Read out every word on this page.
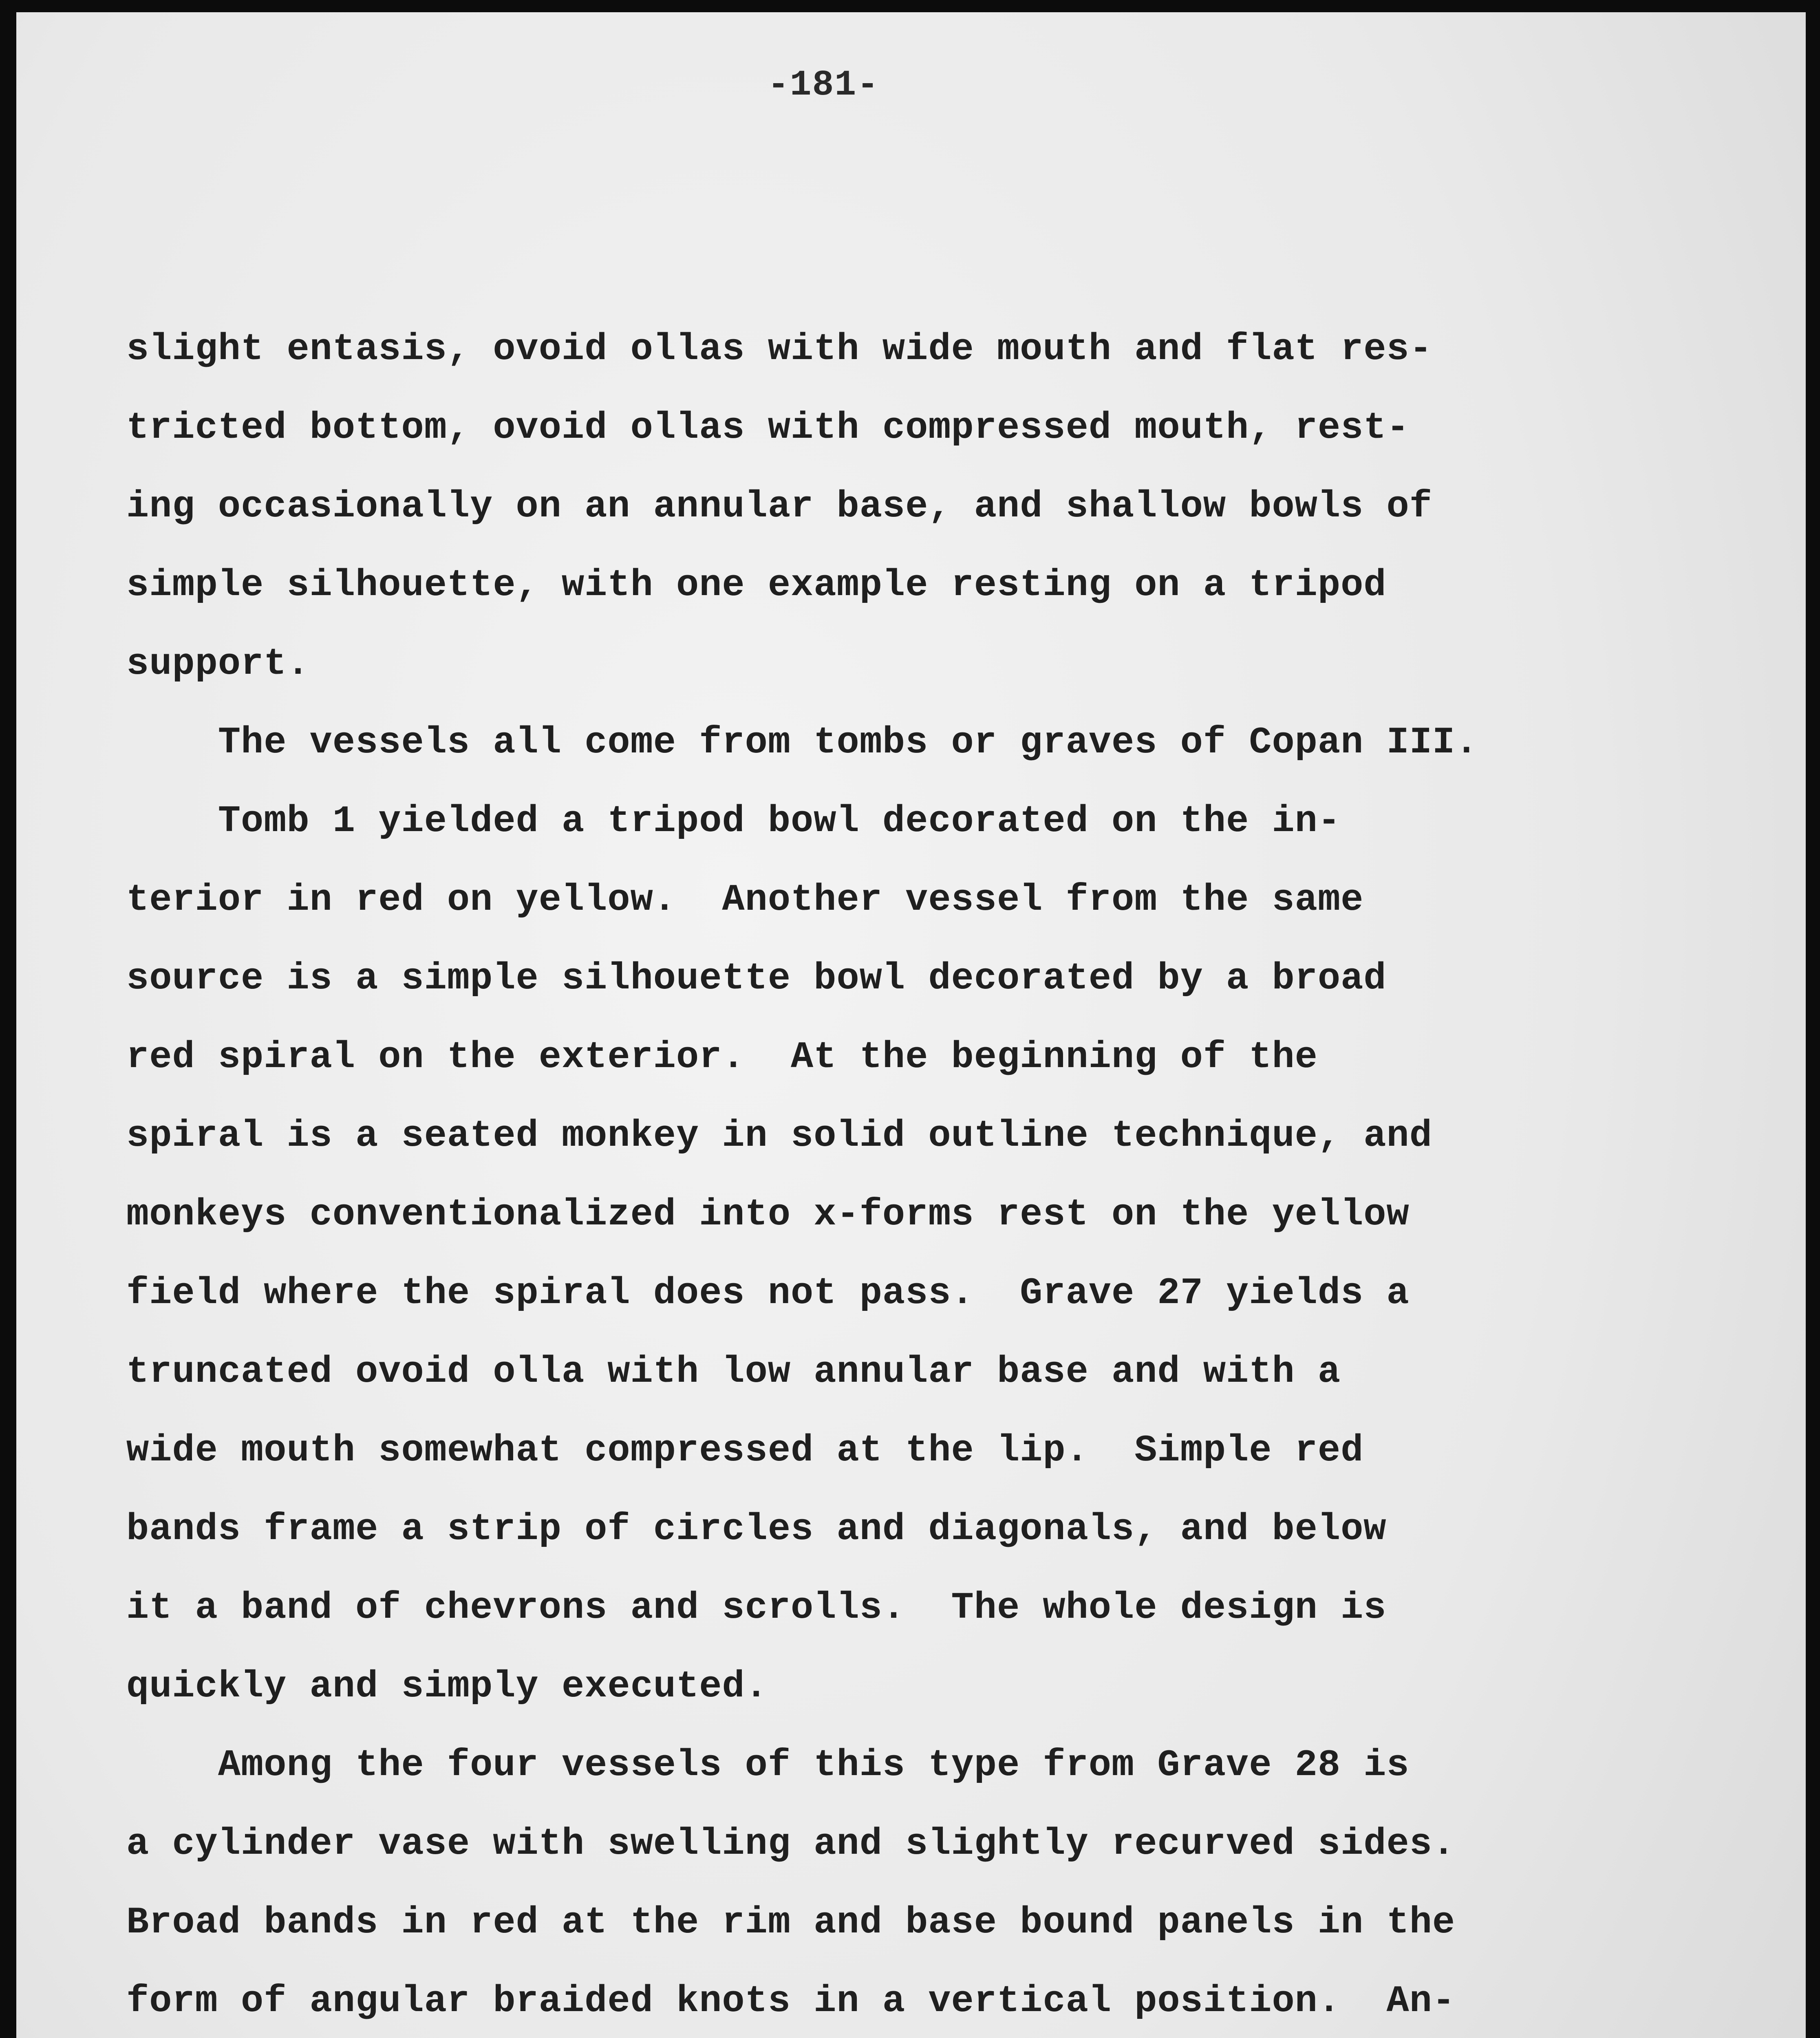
-181-
slight entasis, ovoid ollas with wide mouth and flat res-
tricted bottom, ovoid ollas with compressed mouth, rest-
ing occasionally on an annular base, and shallow bowls of
simple silhouette, with one example resting on a tripod
support.
The vessels all come from tombs or graves of Copan III.
Tomb 1 yielded a tripod bowl decorated on the in-
terior in red on yellow.  Another vessel from the same
source is a simple silhouette bowl decorated by a broad
red spiral on the exterior.  At the beginning of the
spiral is a seated monkey in solid outline technique, and
monkeys conventionalized into x-forms rest on the yellow
field where the spiral does not pass.  Grave 27 yields a
truncated ovoid olla with low annular base and with a
wide mouth somewhat compressed at the lip.  Simple red
bands frame a strip of circles and diagonals, and below
it a band of chevrons and scrolls.  The whole design is
quickly and simply executed.
Among the four vessels of this type from Grave 28 is
a cylinder vase with swelling and slightly recurved sides.
Broad bands in red at the rim and base bound panels in the
form of angular braided knots in a vertical position.  An-
